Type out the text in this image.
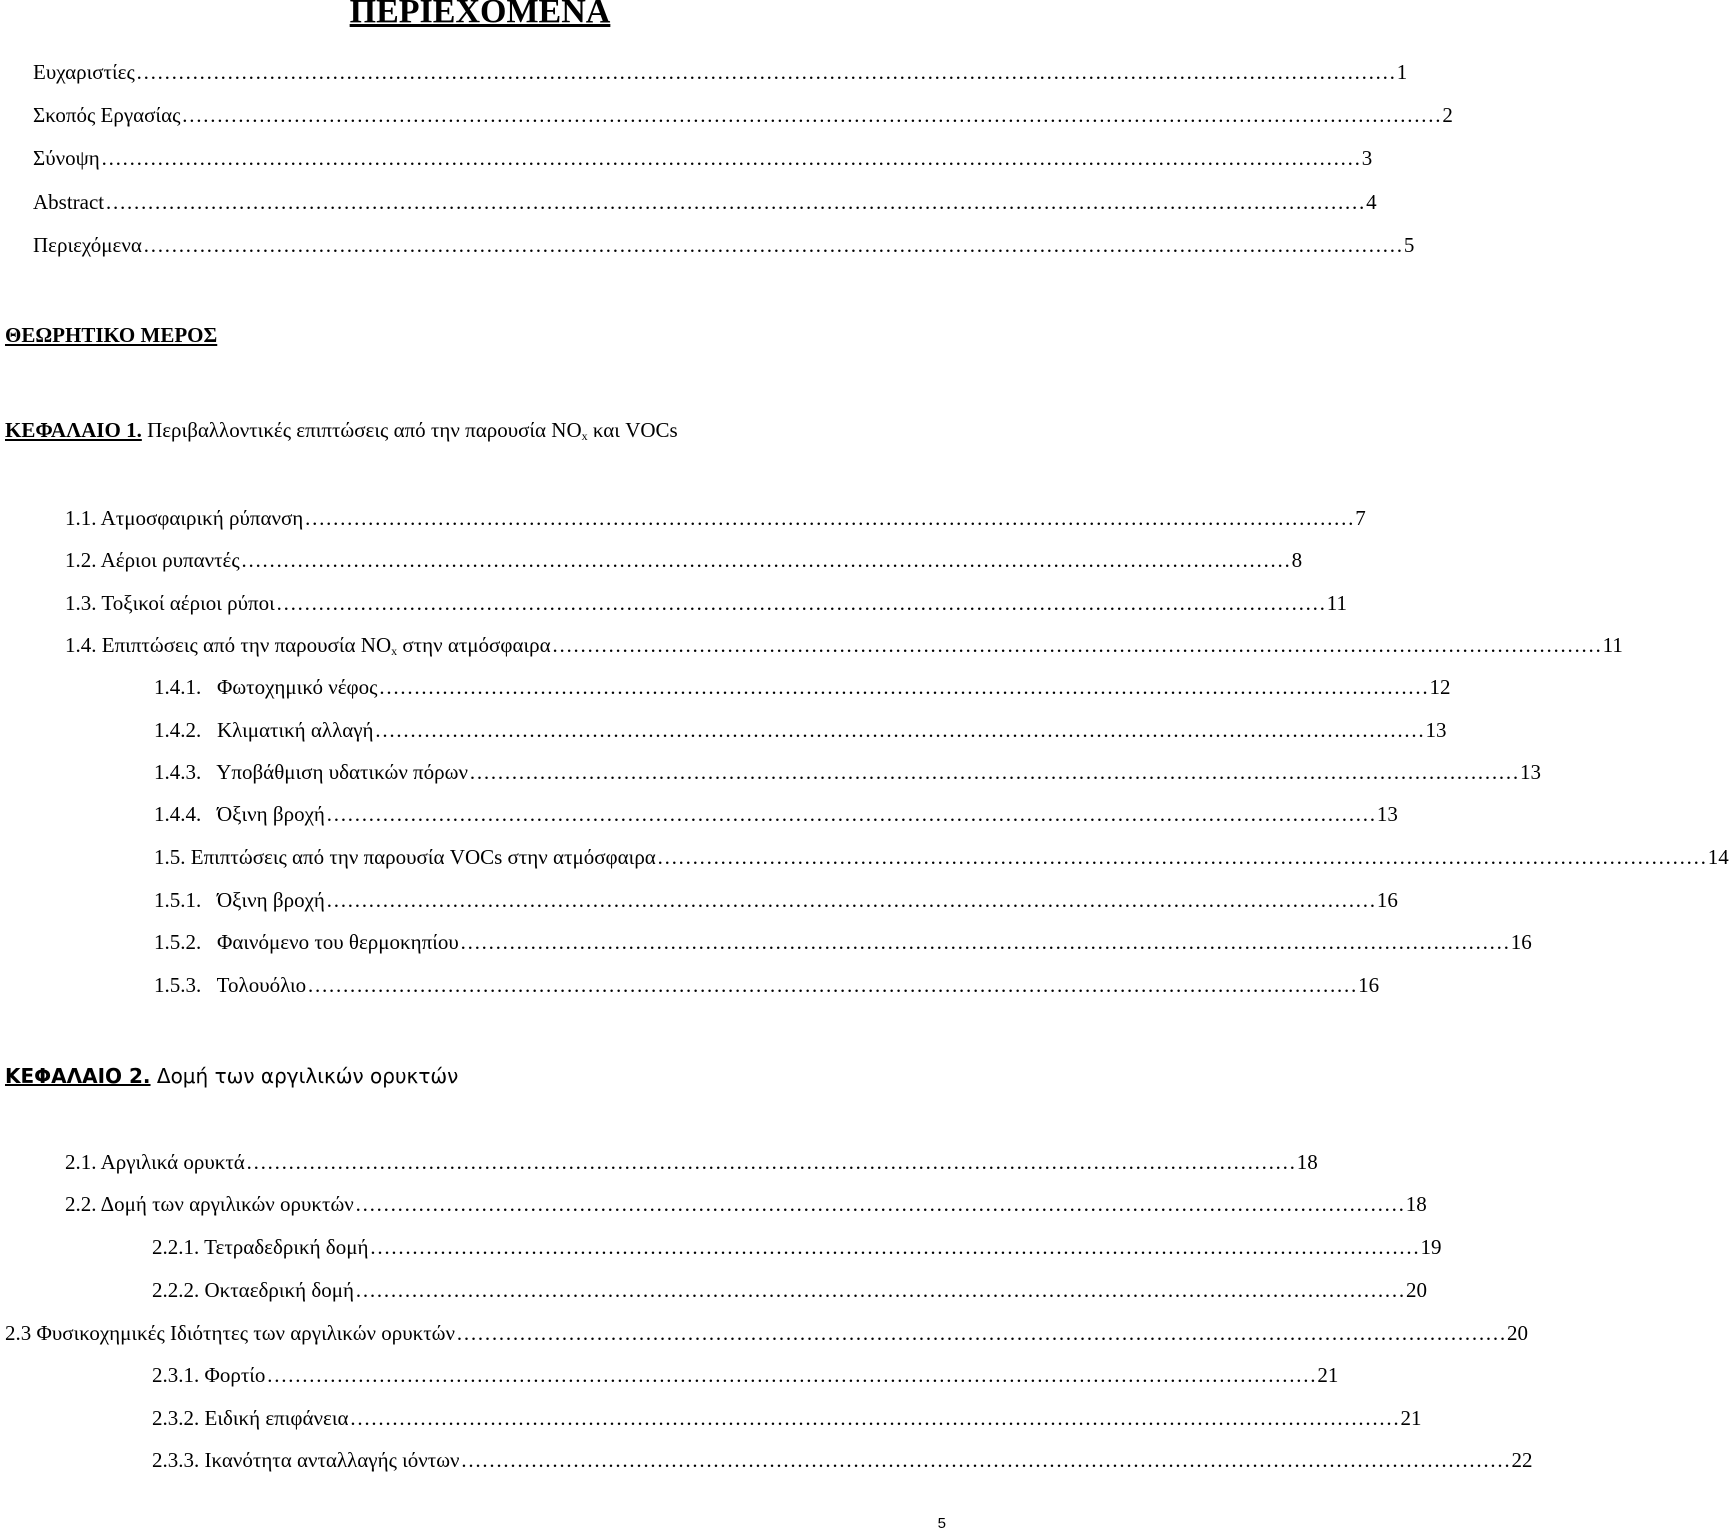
ΠΕΡΙΕΧΟΜΕΝΑ
Ευχαριστίες ……………………………………………………………………………………………………………………………………………………………… 1
Σκοπός Εργασίας ……………………………………………………………………………………………………………………………………………………………… 2
Σύνοψη ……………………………………………………………………………………………………………………………………………………………… 3
Abstract ……………………………………………………………………………………………………………………………………………………………… 4
Περιεχόμενα ……………………………………………………………………………………………………………………………………………………………… 5
ΘΕΩΡΗΤΙΚΟ ΜΕΡΟΣ
ΚΕΦΑΛΑΙΟ 1. Περιβαλλοντικές επιπτώσεις από την παρουσία $NO_x$ και VOCs
1.1. Ατμοσφαιρική ρύπανση …………………………………………………………………………………………………………………………………… 7
1.2. Αέριοι ρυπαντές …………………………………………………………………………………………………………………………………… 8
1.3. Τοξικοί αέριοι ρύποι …………………………………………………………………………………………………………………………………… 11
1.4. Επιπτώσεις από την παρουσία $NO_x$ στην ατμόσφαιρα …………………………………………………………………………………………………………………………………… 11
1.4.1. Φωτοχημικό νέφος …………………………………………………………………………………………………………………………………… 12
1.4.2. Κλιματική αλλαγή …………………………………………………………………………………………………………………………………… 13
1.4.3. Υποβάθμιση υδατικών πόρων …………………………………………………………………………………………………………………………………… 13
1.4.4. Όξινη βροχή …………………………………………………………………………………………………………………………………… 13
1.5. Επιπτώσεις από την παρουσία VOCs στην ατμόσφαιρα …………………………………………………………………………………………………………………………………… 14
1.5.1. Όξινη βροχή …………………………………………………………………………………………………………………………………… 16
1.5.2. Φαινόμενο του θερμοκηπίου …………………………………………………………………………………………………………………………………… 16
1.5.3. Τολουόλιο …………………………………………………………………………………………………………………………………… 16
ΚΕΦΑΛΑΙΟ 2. Δομή των αργιλικών ορυκτών
2.1. Αργιλικά ορυκτά …………………………………………………………………………………………………………………………………… 18
2.2. Δομή των αργιλικών ορυκτών …………………………………………………………………………………………………………………………………… 18
2.2.1. Τετραδεδρική δομή …………………………………………………………………………………………………………………………………… 19
2.2.2. Οκταεδρική δομή …………………………………………………………………………………………………………………………………… 20
2.3 Φυσικοχημικές Ιδιότητες των αργιλικών ορυκτών …………………………………………………………………………………………………………………………………… 20
2.3.1. Φορτίο …………………………………………………………………………………………………………………………………… 21
2.3.2. Ειδική επιφάνεια …………………………………………………………………………………………………………………………………… 21
2.3.3. Ικανότητα ανταλλαγής ιόντων …………………………………………………………………………………………………………………………………… 22
5
